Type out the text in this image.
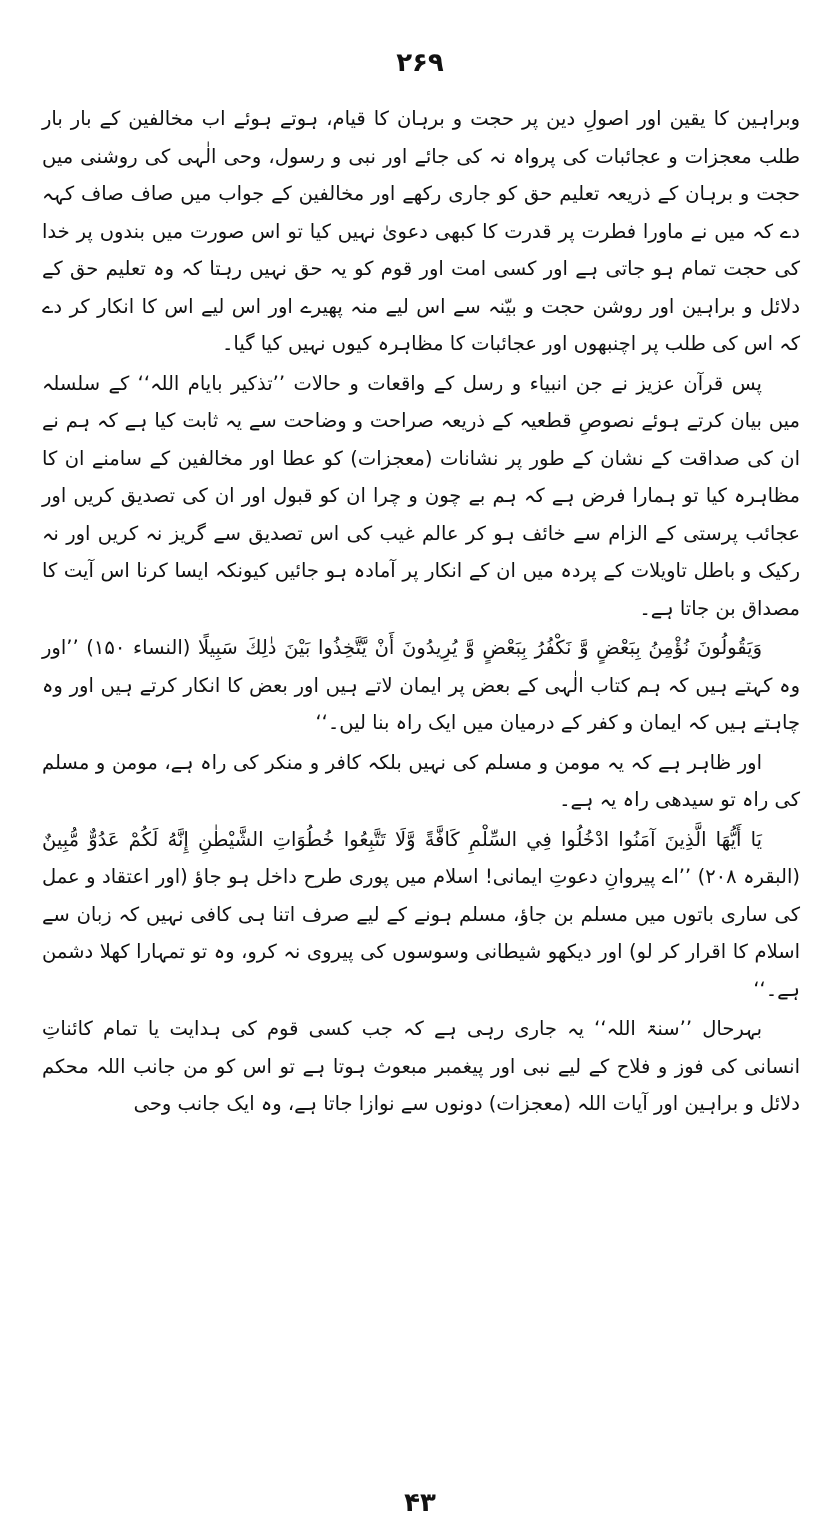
۲۶۹

وبراہین کا یقین اور اصولِ دین پر حجت و برہان کا قیام، ہوتے ہوئے اب مخالفین کے بار بار طلب معجزات و عجائبات کی پرواہ نہ کی جائے اور نبی و رسول، وحی الٰہی کی روشنی میں حجت و برہان کے ذریعہ تعلیم حق کو جاری رکھے اور مخالفین کے جواب میں صاف صاف کہہ دے کہ میں نے ماورا فطرت پر قدرت کا کبھی دعویٰ نہیں کیا تو اس صورت میں بندوں پر خدا کی حجت تمام ہو جاتی ہے اور کسی امت اور قوم کو یہ حق نہیں رہتا کہ وہ تعلیم حق کے دلائل و براہین اور روشن حجت و بیّنہ سے اس لیے منہ پھیرے اور اس لیے اس کا انکار کر دے کہ اس کی طلب پر اچنبھوں اور عجائبات کا مظاہرہ کیوں نہیں کیا گیا۔

پس قرآن عزیز نے جن انبیاء و رسل کے واقعات و حالات ’’تذکیر بایام اللہ‘‘ کے سلسلہ میں بیان کرتے ہوئے نصوصِ قطعیہ کے ذریعہ صراحت و وضاحت سے یہ ثابت کیا ہے کہ ہم نے ان کی صداقت کے نشان کے طور پر نشانات (معجزات) کو عطا اور مخالفین کے سامنے ان کا مظاہرہ کیا تو ہمارا فرض ہے کہ ہم بے چون و چرا ان کو قبول اور ان کی تصدیق کریں اور عجائب پرستی کے الزام سے خائف ہو کر عالم غیب کی اس تصدیق سے گریز نہ کریں اور نہ رکیک و باطل تاویلات کے پردہ میں ان کے انکار پر آمادہ ہو جائیں کیونکہ ایسا کرنا اس آیت کا مصداق بن جاتا ہے۔

وَيَقُولُونَ نُؤْمِنُ بِبَعْضٍ وَّ نَكْفُرُ بِبَعْضٍ وَّ يُرِيدُونَ أَنْ يَّتَّخِذُوا بَيْنَ ذٰلِكَ سَبِيلًا (النساء ۱۵۰) ’’اور وہ کہتے ہیں کہ ہم کتاب الٰہی کے بعض پر ایمان لاتے ہیں اور بعض کا انکار کرتے ہیں اور وہ چاہتے ہیں کہ ایمان و کفر کے درمیان میں ایک راہ بنا لیں۔‘‘

اور ظاہر ہے کہ یہ مومن و مسلم کی نہیں بلکہ کافر و منکر کی راہ ہے، مومن و مسلم کی راہ تو سیدھی راہ یہ ہے۔

يَا أَيُّهَا الَّذِينَ آمَنُوا ادْخُلُوا فِي السِّلْمِ كَافَّةً وَّلَا تَتَّبِعُوا خُطُوَاتِ الشَّيْطٰنِ إِنَّهُ لَكُمْ عَدُوٌّ مُّبِينٌ (البقرہ ۲۰۸) ’’اے پیروانِ دعوتِ ایمانی! اسلام میں پوری طرح داخل ہو جاؤ (اور اعتقاد و عمل کی ساری باتوں میں مسلم بن جاؤ، مسلم ہونے کے لیے صرف اتنا ہی کافی نہیں کہ زبان سے اسلام کا اقرار کر لو) اور دیکھو شیطانی وسوسوں کی پیروی نہ کرو، وہ تو تمہارا کھلا دشمن ہے۔‘‘

بہرحال ’’سنۃ اللہ‘‘ یہ جاری رہی ہے کہ جب کسی قوم کی ہدایت یا تمام کائناتِ انسانی کی فوز و فلاح کے لیے نبی اور پیغمبر مبعوث ہوتا ہے تو اس کو من جانب اللہ محکم دلائل و براہین اور آیات اللہ (معجزات) دونوں سے نوازا جاتا ہے، وہ ایک جانب وحی

۴۳
